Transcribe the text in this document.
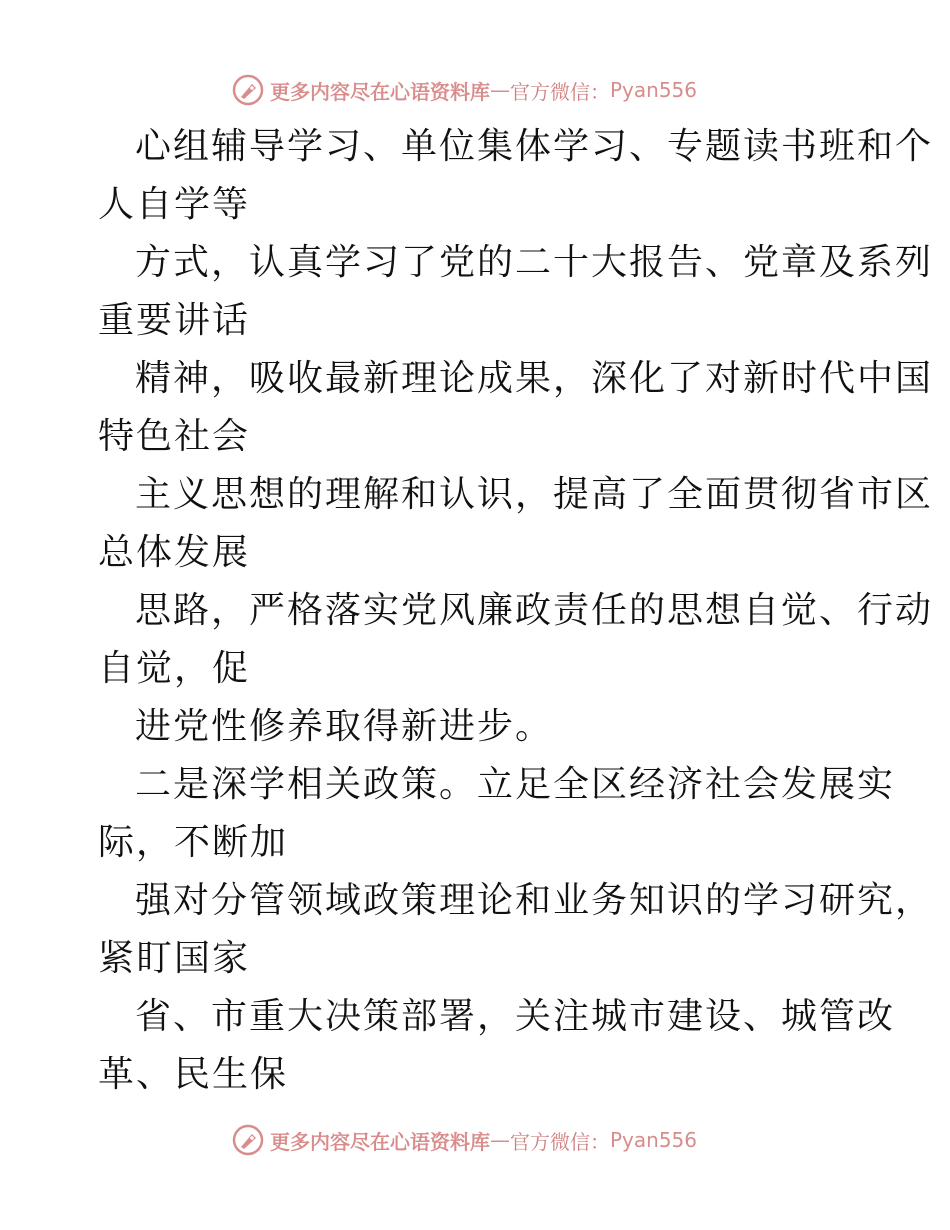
更多内容尽在心语资料库 — 官方微信： Pyan556
心组辅导学习、单位集体学习、专题读书班和个
人自学等
方式，认真学习了党的二十大报告、党章及系列
重要讲话
精神，吸收最新理论成果，深化了对新时代中国
特色社会
主义思想的理解和认识，提高了全面贯彻省市区
总体发展
思路，严格落实党风廉政责任的思想自觉、行动
自觉，促
进党性修养取得新进步。
二是深学相关政策。立足全区经济社会发展实
际，不断加
强对分管领域政策理论和业务知识的学习研究，
紧盯国家
省、市重大决策部署，关注城市建设、城管改
革、民生保
更多内容尽在心语资料库 — 官方微信： Pyan556
